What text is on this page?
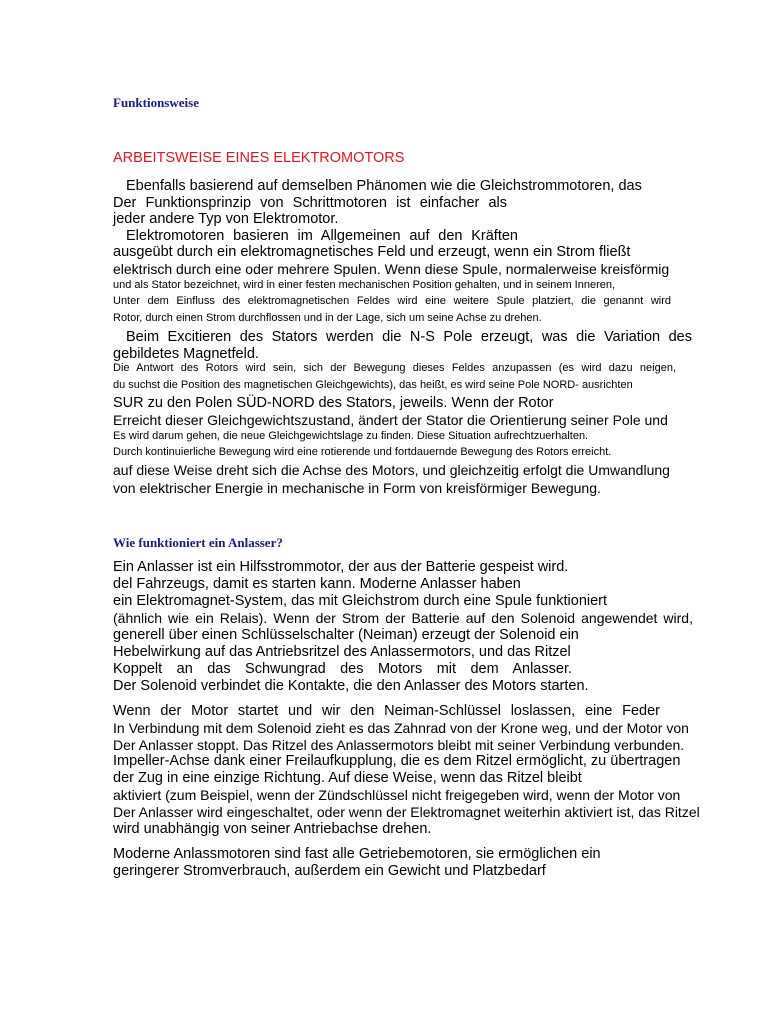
Funktionsweise
ARBEITSWEISE EINES ELEKTROMOTORS
Ebenfalls basierend auf demselben Phänomen wie die Gleichstrommotoren, das
Der Funktionsprinzip von Schrittmotoren ist einfacher als
jeder andere Typ von Elektromotor.
Elektromotoren basieren im Allgemeinen auf den Kräften
ausgeübt durch ein elektromagnetisches Feld und erzeugt, wenn ein Strom fließt
elektrisch durch eine oder mehrere Spulen. Wenn diese Spule, normalerweise kreisförmig
und als Stator bezeichnet, wird in einer festen mechanischen Position gehalten, und in seinem Inneren,
Unter dem Einfluss des elektromagnetischen Feldes wird eine weitere Spule platziert, die genannt wird
Rotor, durch einen Strom durchflossen und in der Lage, sich um seine Achse zu drehen.
Beim Excitieren des Stators werden die N-S Pole erzeugt, was die Variation des
gebildetes Magnetfeld.
Die Antwort des Rotors wird sein, sich der Bewegung dieses Feldes anzupassen (es wird dazu neigen,
du suchst die Position des magnetischen Gleichgewichts), das heißt, es wird seine Pole NORD- ausrichten
SUR zu den Polen SÜD-NORD des Stators, jeweils. Wenn der Rotor
Erreicht dieser Gleichgewichtszustand, ändert der Stator die Orientierung seiner Pole und
Es wird darum gehen, die neue Gleichgewichtslage zu finden. Diese Situation aufrechtzuerhalten.
Durch kontinuierliche Bewegung wird eine rotierende und fortdauernde Bewegung des Rotors erreicht.
auf diese Weise dreht sich die Achse des Motors, und gleichzeitig erfolgt die Umwandlung
von elektrischer Energie in mechanische in Form von kreisförmiger Bewegung.
Wie funktioniert ein Anlasser?
Ein Anlasser ist ein Hilfsstrommotor, der aus der Batterie gespeist wird.
del Fahrzeugs, damit es starten kann. Moderne Anlasser haben
ein Elektromagnet-System, das mit Gleichstrom durch eine Spule funktioniert
(ähnlich wie ein Relais). Wenn der Strom der Batterie auf den Solenoid angewendet wird,
generell über einen Schlüsselschalter (Neiman) erzeugt der Solenoid ein
Hebelwirkung auf das Antriebsritzel des Anlassermotors, und das Ritzel
Koppelt an das Schwungrad des Motors mit dem Anlasser.
Der Solenoid verbindet die Kontakte, die den Anlasser des Motors starten.
Wenn der Motor startet und wir den Neiman-Schlüssel loslassen, eine Feder
In Verbindung mit dem Solenoid zieht es das Zahnrad von der Krone weg, und der Motor von
Der Anlasser stoppt. Das Ritzel des Anlassermotors bleibt mit seiner Verbindung verbunden.
Impeller-Achse dank einer Freilaufkupplung, die es dem Ritzel ermöglicht, zu übertragen
der Zug in eine einzige Richtung. Auf diese Weise, wenn das Ritzel bleibt
aktiviert (zum Beispiel, wenn der Zündschlüssel nicht freigegeben wird, wenn der Motor von
Der Anlasser wird eingeschaltet, oder wenn der Elektromagnet weiterhin aktiviert ist, das Ritzel
wird unabhängig von seiner Antriebachse drehen.
Moderne Anlassmotoren sind fast alle Getriebemotoren, sie ermöglichen ein
geringerer Stromverbrauch, außerdem ein Gewicht und Platzbedarf
